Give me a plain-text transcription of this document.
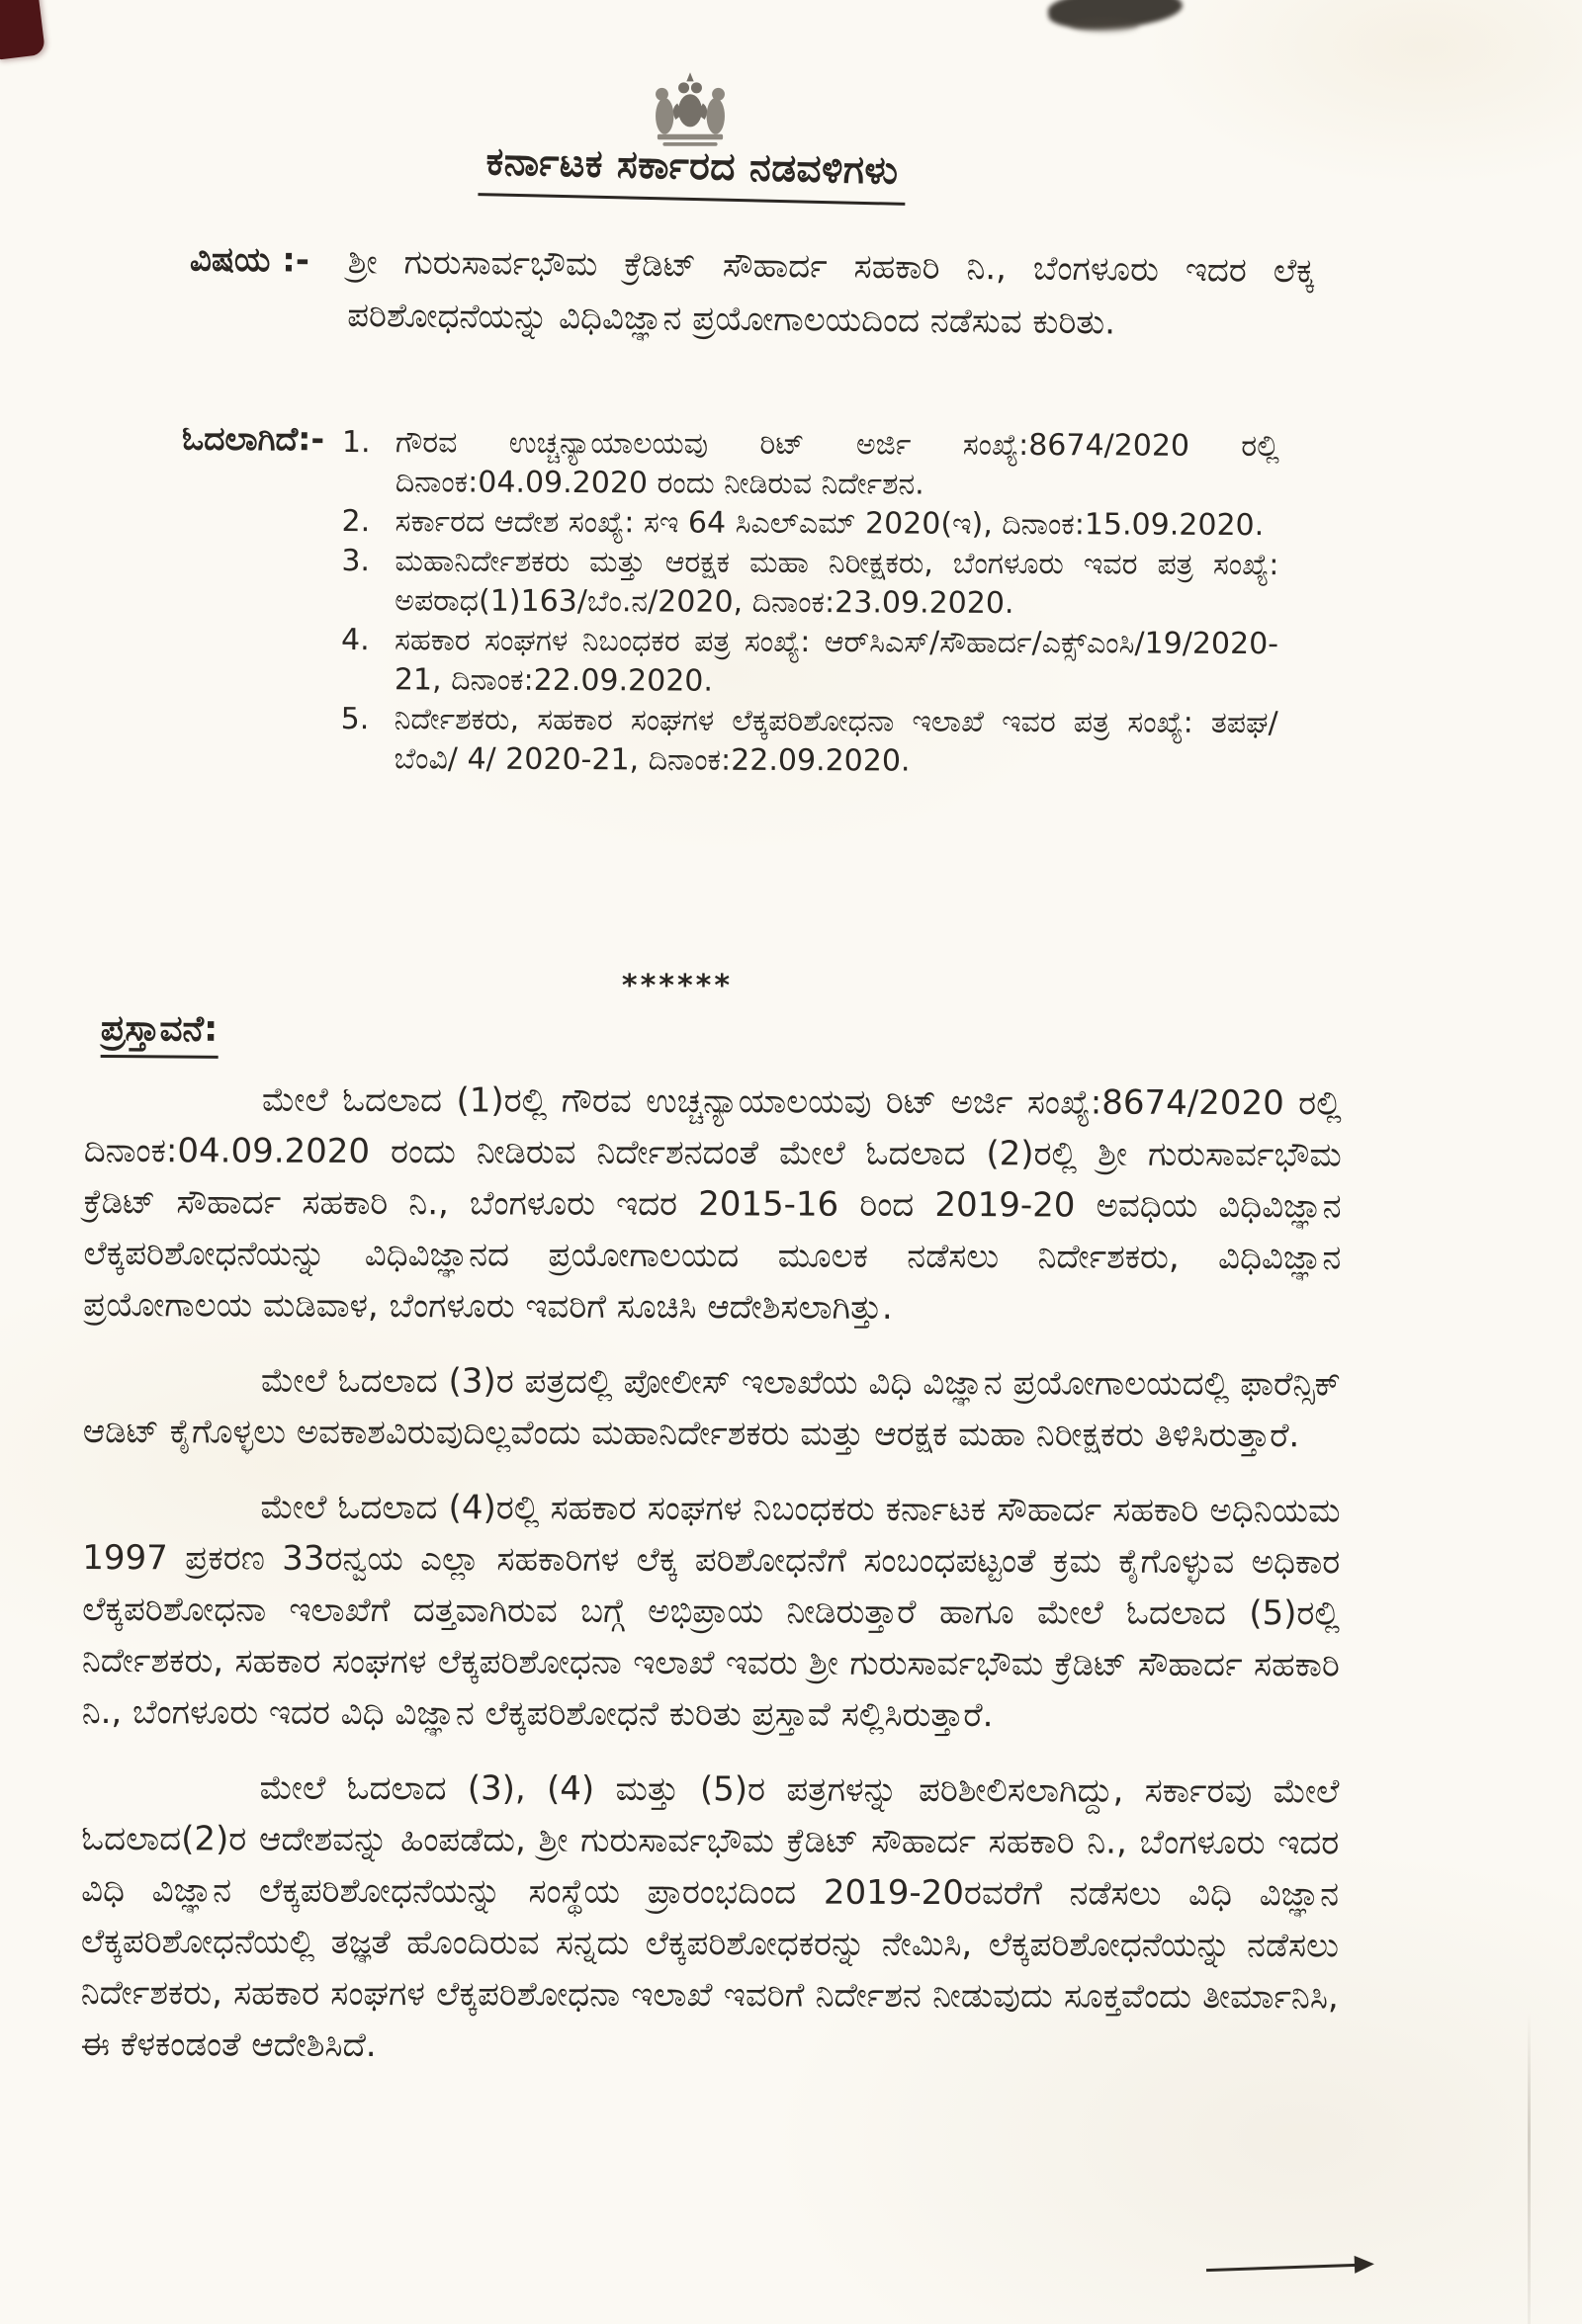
ಕರ್ನಾಟಕ ಸರ್ಕಾರದ ನಡವಳಿಗಳು
ವಿಷಯ :- ಶ್ರೀ ಗುರುಸಾರ್ವಭೌಮ ಕ್ರೆಡಿಟ್ ಸೌಹಾರ್ದ ಸಹಕಾರಿ ನಿ., ಬೆಂಗಳೂರು ಇದರ ಲೆಕ್ಕ ಪರಿಶೋಧನೆಯನ್ನು ವಿಧಿವಿಜ್ಞಾನ ಪ್ರಯೋಗಾಲಯದಿಂದ ನಡೆಸುವ ಕುರಿತು.
ಓದಲಾಗಿದೆ:- 1. ಗೌರವ ಉಚ್ಚನ್ಯಾಯಾಲಯವು ರಿಟ್ ಅರ್ಜಿ ಸಂಖ್ಯೆ:8674/2020 ರಲ್ಲಿ ದಿನಾಂಕ:04.09.2020 ರಂದು ನೀಡಿರುವ ನಿರ್ದೇಶನ.
2. ಸರ್ಕಾರದ ಆದೇಶ ಸಂಖ್ಯೆ: ಸಇ 64 ಸಿಎಲ್‌ಎಮ್ 2020(ಇ), ದಿನಾಂಕ:15.09.2020.
3. ಮಹಾನಿರ್ದೇಶಕರು ಮತ್ತು ಆರಕ್ಷಕ ಮಹಾ ನಿರೀಕ್ಷಕರು, ಬೆಂಗಳೂರು ಇವರ ಪತ್ರ ಸಂಖ್ಯೆ: ಅಪರಾಧ(1)163/ಬೆಂ.ನ/2020, ದಿನಾಂಕ:23.09.2020.
4. ಸಹಕಾರ ಸಂಘಗಳ ನಿಬಂಧಕರ ಪತ್ರ ಸಂಖ್ಯೆ: ಆರ್‌ಸಿಎಸ್/ಸೌಹಾರ್ದ/ಎಕ್ಸ್‌ಎಂಸಿ/19/2020-21, ದಿನಾಂಕ:22.09.2020.
5. ನಿರ್ದೇಶಕರು, ಸಹಕಾರ ಸಂಘಗಳ ಲೆಕ್ಕಪರಿಶೋಧನಾ ಇಲಾಖೆ ಇವರ ಪತ್ರ ಸಂಖ್ಯೆ: ತಪಘ/ ಬೆಂವಿ/ 4/ 2020-21, ದಿನಾಂಕ:22.09.2020.
******
ಪ್ರಸ್ತಾವನೆ:

ಮೇಲೆ ಓದಲಾದ (1)ರಲ್ಲಿ ಗೌರವ ಉಚ್ಚನ್ಯಾಯಾಲಯವು ರಿಟ್ ಅರ್ಜಿ ಸಂಖ್ಯೆ:8674/2020 ರಲ್ಲಿ ದಿನಾಂಕ:04.09.2020 ರಂದು ನೀಡಿರುವ ನಿರ್ದೇಶನದಂತೆ ಮೇಲೆ ಓದಲಾದ (2)ರಲ್ಲಿ ಶ್ರೀ ಗುರುಸಾರ್ವಭೌಮ ಕ್ರೆಡಿಟ್ ಸೌಹಾರ್ದ ಸಹಕಾರಿ ನಿ., ಬೆಂಗಳೂರು ಇದರ 2015-16 ರಿಂದ 2019-20 ಅವಧಿಯ ವಿಧಿವಿಜ್ಞಾನ ಲೆಕ್ಕಪರಿಶೋಧನೆಯನ್ನು ವಿಧಿವಿಜ್ಞಾನದ ಪ್ರಯೋಗಾಲಯದ ಮೂಲಕ ನಡೆಸಲು ನಿರ್ದೇಶಕರು, ವಿಧಿವಿಜ್ಞಾನ ಪ್ರಯೋಗಾಲಯ ಮಡಿವಾಳ, ಬೆಂಗಳೂರು ಇವರಿಗೆ ಸೂಚಿಸಿ ಆದೇಶಿಸಲಾಗಿತ್ತು.

ಮೇಲೆ ಓದಲಾದ (3)ರ ಪತ್ರದಲ್ಲಿ ಪೋಲೀಸ್ ಇಲಾಖೆಯ ವಿಧಿ ವಿಜ್ಞಾನ ಪ್ರಯೋಗಾಲಯದಲ್ಲಿ ಫಾರೆನ್ಸಿಕ್ ಆಡಿಟ್ ಕೈಗೊಳ್ಳಲು ಅವಕಾಶವಿರುವುದಿಲ್ಲವೆಂದು ಮಹಾನಿರ್ದೇಶಕರು ಮತ್ತು ಆರಕ್ಷಕ ಮಹಾ ನಿರೀಕ್ಷಕರು ತಿಳಿಸಿರುತ್ತಾರೆ.

ಮೇಲೆ ಓದಲಾದ (4)ರಲ್ಲಿ ಸಹಕಾರ ಸಂಘಗಳ ನಿಬಂಧಕರು ಕರ್ನಾಟಕ ಸೌಹಾರ್ದ ಸಹಕಾರಿ ಅಧಿನಿಯಮ 1997 ಪ್ರಕರಣ 33ರನ್ವಯ ಎಲ್ಲಾ ಸಹಕಾರಿಗಳ ಲೆಕ್ಕ ಪರಿಶೋಧನೆಗೆ ಸಂಬಂಧಪಟ್ಟಂತೆ ಕ್ರಮ ಕೈಗೊಳ್ಳುವ ಅಧಿಕಾರ ಲೆಕ್ಕಪರಿಶೋಧನಾ ಇಲಾಖೆಗೆ ದತ್ತವಾಗಿರುವ ಬಗ್ಗೆ ಅಭಿಪ್ರಾಯ ನೀಡಿರುತ್ತಾರೆ ಹಾಗೂ ಮೇಲೆ ಓದಲಾದ (5)ರಲ್ಲಿ ನಿರ್ದೇಶಕರು, ಸಹಕಾರ ಸಂಘಗಳ ಲೆಕ್ಕಪರಿಶೋಧನಾ ಇಲಾಖೆ ಇವರು ಶ್ರೀ ಗುರುಸಾರ್ವಭೌಮ ಕ್ರೆಡಿಟ್ ಸೌಹಾರ್ದ ಸಹಕಾರಿ ನಿ., ಬೆಂಗಳೂರು ಇದರ ವಿಧಿ ವಿಜ್ಞಾನ ಲೆಕ್ಕಪರಿಶೋಧನೆ ಕುರಿತು ಪ್ರಸ್ತಾವೆ ಸಲ್ಲಿಸಿರುತ್ತಾರೆ.

ಮೇಲೆ ಓದಲಾದ (3), (4) ಮತ್ತು (5)ರ ಪತ್ರಗಳನ್ನು ಪರಿಶೀಲಿಸಲಾಗಿದ್ದು, ಸರ್ಕಾರವು ಮೇಲೆ ಓದಲಾದ(2)ರ ಆದೇಶವನ್ನು ಹಿಂಪಡೆದು, ಶ್ರೀ ಗುರುಸಾರ್ವಭೌಮ ಕ್ರೆಡಿಟ್ ಸೌಹಾರ್ದ ಸಹಕಾರಿ ನಿ., ಬೆಂಗಳೂರು ಇದರ ವಿಧಿ ವಿಜ್ಞಾನ ಲೆಕ್ಕಪರಿಶೋಧನೆಯನ್ನು ಸಂಸ್ಥೆಯ ಪ್ರಾರಂಭದಿಂದ 2019-20ರವರೆಗೆ ನಡೆಸಲು ವಿಧಿ ವಿಜ್ಞಾನ ಲೆಕ್ಕಪರಿಶೋಧನೆಯಲ್ಲಿ ತಜ್ಞತೆ ಹೊಂದಿರುವ ಸನ್ನದು ಲೆಕ್ಕಪರಿಶೋಧಕರನ್ನು ನೇಮಿಸಿ, ಲೆಕ್ಕಪರಿಶೋಧನೆಯನ್ನು ನಡೆಸಲು ನಿರ್ದೇಶಕರು, ಸಹಕಾರ ಸಂಘಗಳ ಲೆಕ್ಕಪರಿಶೋಧನಾ ಇಲಾಖೆ ಇವರಿಗೆ ನಿರ್ದೇಶನ ನೀಡುವುದು ಸೂಕ್ತವೆಂದು ತೀರ್ಮಾನಿಸಿ, ಈ ಕೆಳಕಂಡಂತೆ ಆದೇಶಿಸಿದೆ.
